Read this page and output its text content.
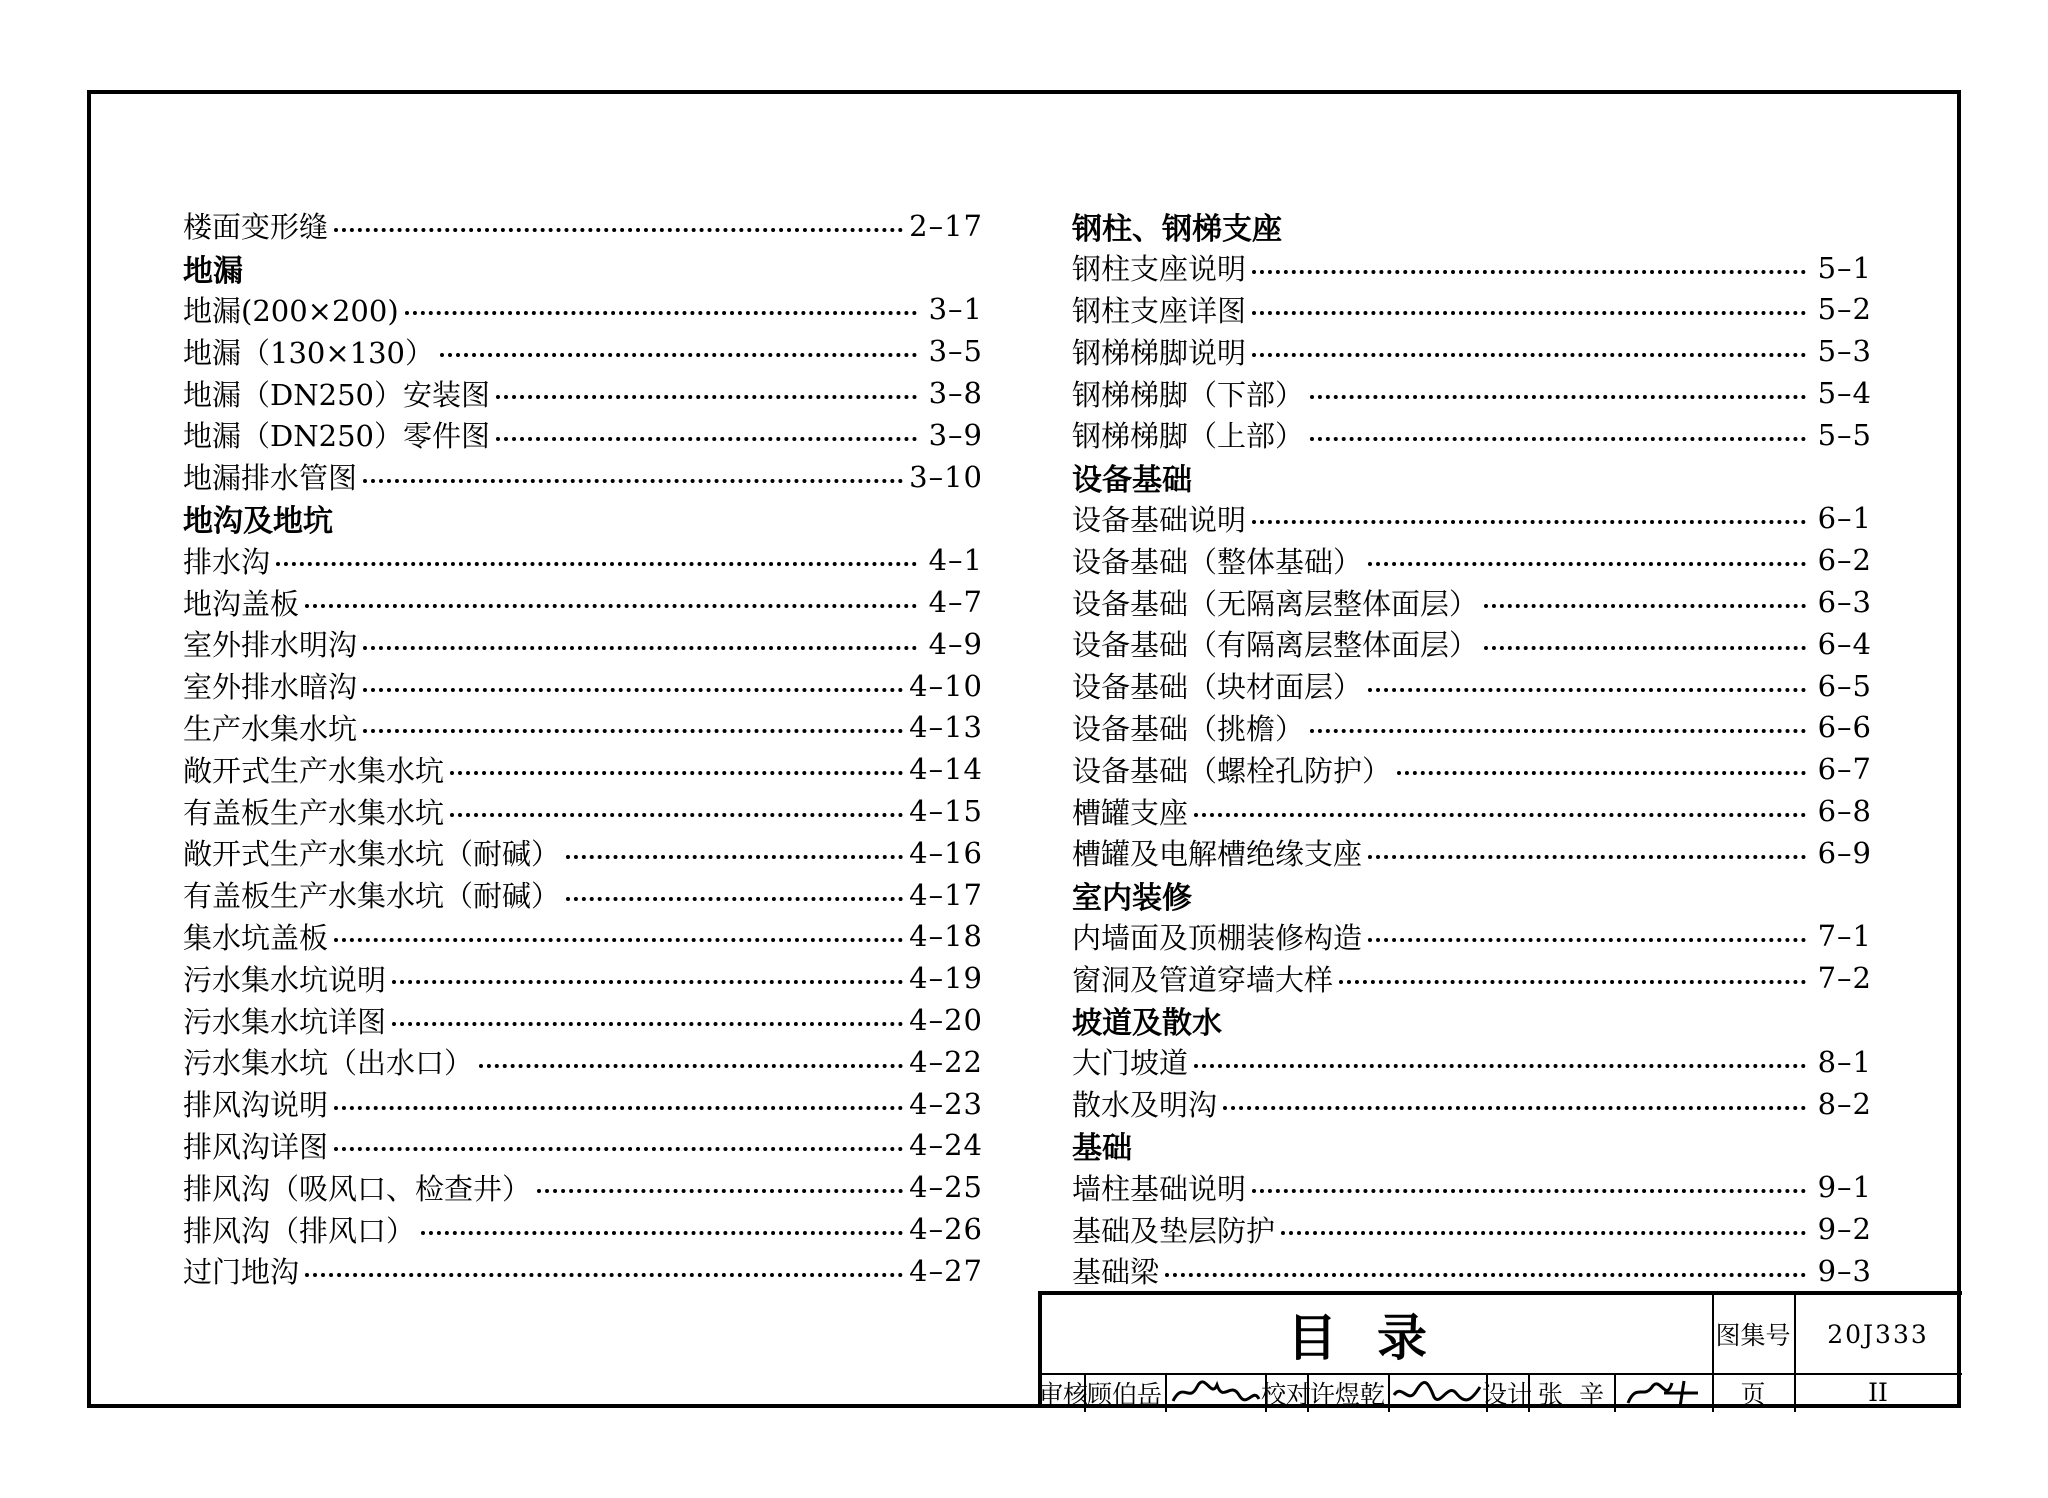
楼面变形缝	2–17
地漏
地漏(200×200)	3–1
地漏（130×130）	3–5
地漏（DN250）安装图	3–8
地漏（DN250）零件图	3–9
地漏排水管图	3–10
地沟及地坑
排水沟	4–1
地沟盖板	4–7
室外排水明沟	4–9
室外排水暗沟	4–10
生产水集水坑	4–13
敞开式生产水集水坑	4–14
有盖板生产水集水坑	4–15
敞开式生产水集水坑（耐碱）	4–16
有盖板生产水集水坑（耐碱）	4–17
集水坑盖板	4–18
污水集水坑说明	4–19
污水集水坑详图	4–20
污水集水坑（出水口）	4–22
排风沟说明	4–23
排风沟详图	4–24
排风沟（吸风口、检查井）	4–25
排风沟（排风口）	4–26
过门地沟	4–27
钢柱、钢梯支座
钢柱支座说明	5–1
钢柱支座详图	5–2
钢梯梯脚说明	5–3
钢梯梯脚（下部）	5–4
钢梯梯脚（上部）	5–5
设备基础
设备基础说明	6–1
设备基础（整体基础）	6–2
设备基础（无隔离层整体面层）	6–3
设备基础（有隔离层整体面层）	6–4
设备基础（块材面层）	6–5
设备基础（挑檐）	6–6
设备基础（螺栓孔防护）	6–7
槽罐支座	6–8
槽罐及电解槽绝缘支座	6–9
室内装修
内墙面及顶棚装修构造	7–1
窗洞及管道穿墙大样	7–2
坡道及散水
大门坡道	8–1
散水及明沟	8–2
基础
墙柱基础说明	9–1
基础及垫层防护	9–2
基础梁	9–3
目录	图集号	20J333
审核
顾伯岳	校对
许煜乾	设计 张  辛	页	II
